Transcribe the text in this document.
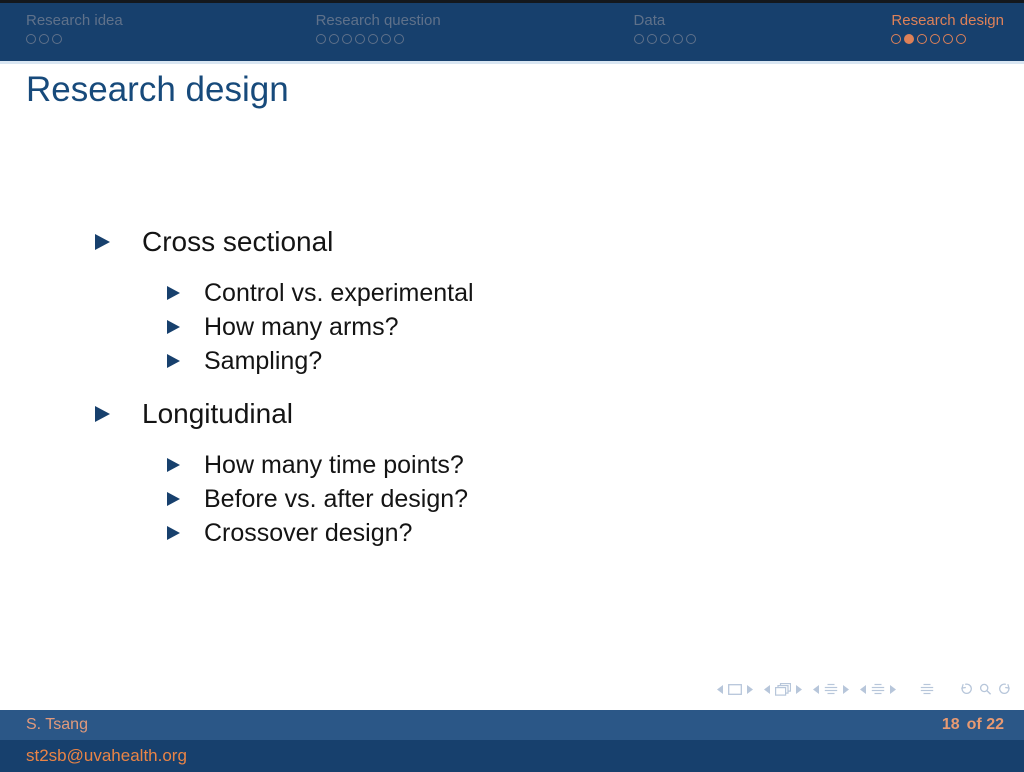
Research idea	Research question	Data	Research design
Research design
Cross sectional
Control vs. experimental
How many arms?
Sampling?
Longitudinal
How many time points?
Before vs. after design?
Crossover design?
S. Tsang	18 of 22
st2sb@uvahealth.org
